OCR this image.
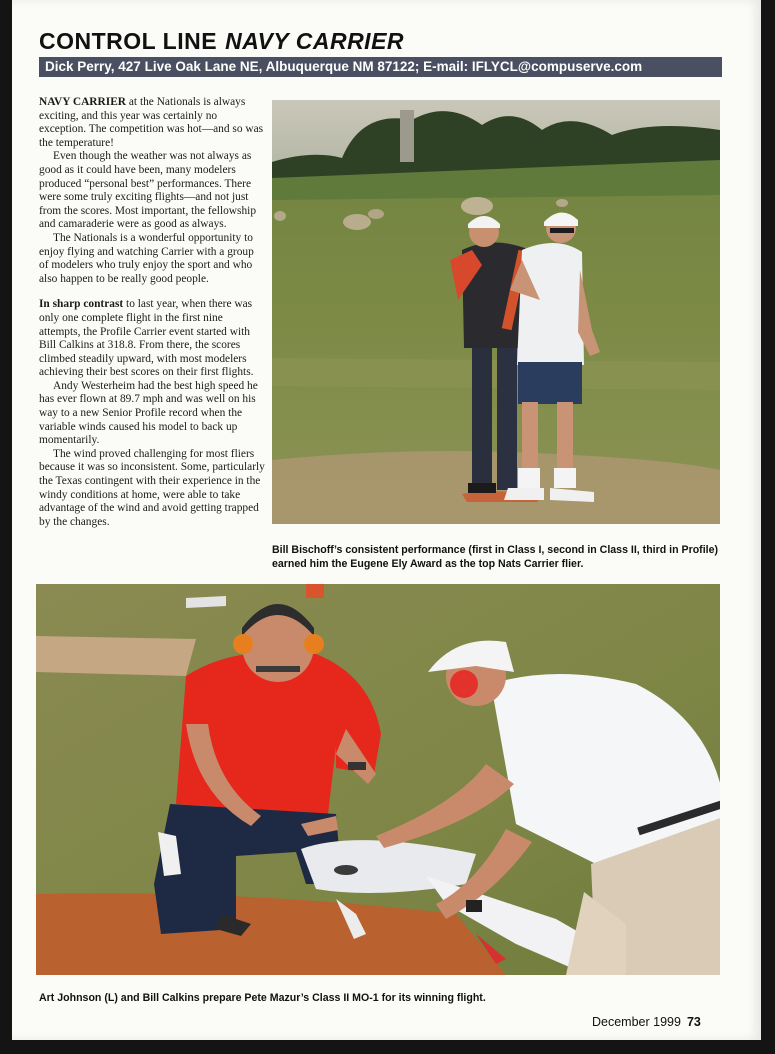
CONTROL LINE NAVY CARRIER
Dick Perry, 427 Live Oak Lane NE, Albuquerque NM 87122; E-mail: IFLYCL@compuserve.com

NAVY CARRIER at the Nationals is always exciting, and this year was certainly no exception. The competition was hot—and so was the temperature!

Even though the weather was not always as good as it could have been, many modelers produced “personal best” performances. There were some truly exciting flights—and not just from the scores. Most important, the fellowship and camaraderie were as good as always.

The Nationals is a wonderful opportunity to enjoy flying and watching Carrier with a group of modelers who truly enjoy the sport and who also happen to be really good people.

In sharp contrast to last year, when there was only one complete flight in the first nine attempts, the Profile Carrier event started with Bill Calkins at 318.8. From there, the scores climbed steadily upward, with most modelers achieving their best scores on their first flights.

Andy Westerheim had the best high speed he has ever flown at 89.7 mph and was well on his way to a new Senior Profile record when the variable winds caused his model to back up momentarily.

The wind proved challenging for most fliers because it was so inconsistent. Some, particularly the Texas contingent with their experience in the windy conditions at home, were able to take advantage of the wind and avoid getting trapped by the changes.

Bill Bischoff’s consistent performance (first in Class I, second in Class II, third in Profile) earned him the Eugene Ely Award as the top Nats Carrier flier.
Art Johnson (L) and Bill Calkins prepare Pete Mazur’s Class II MO-1 for its winning flight.
December 1999 73
